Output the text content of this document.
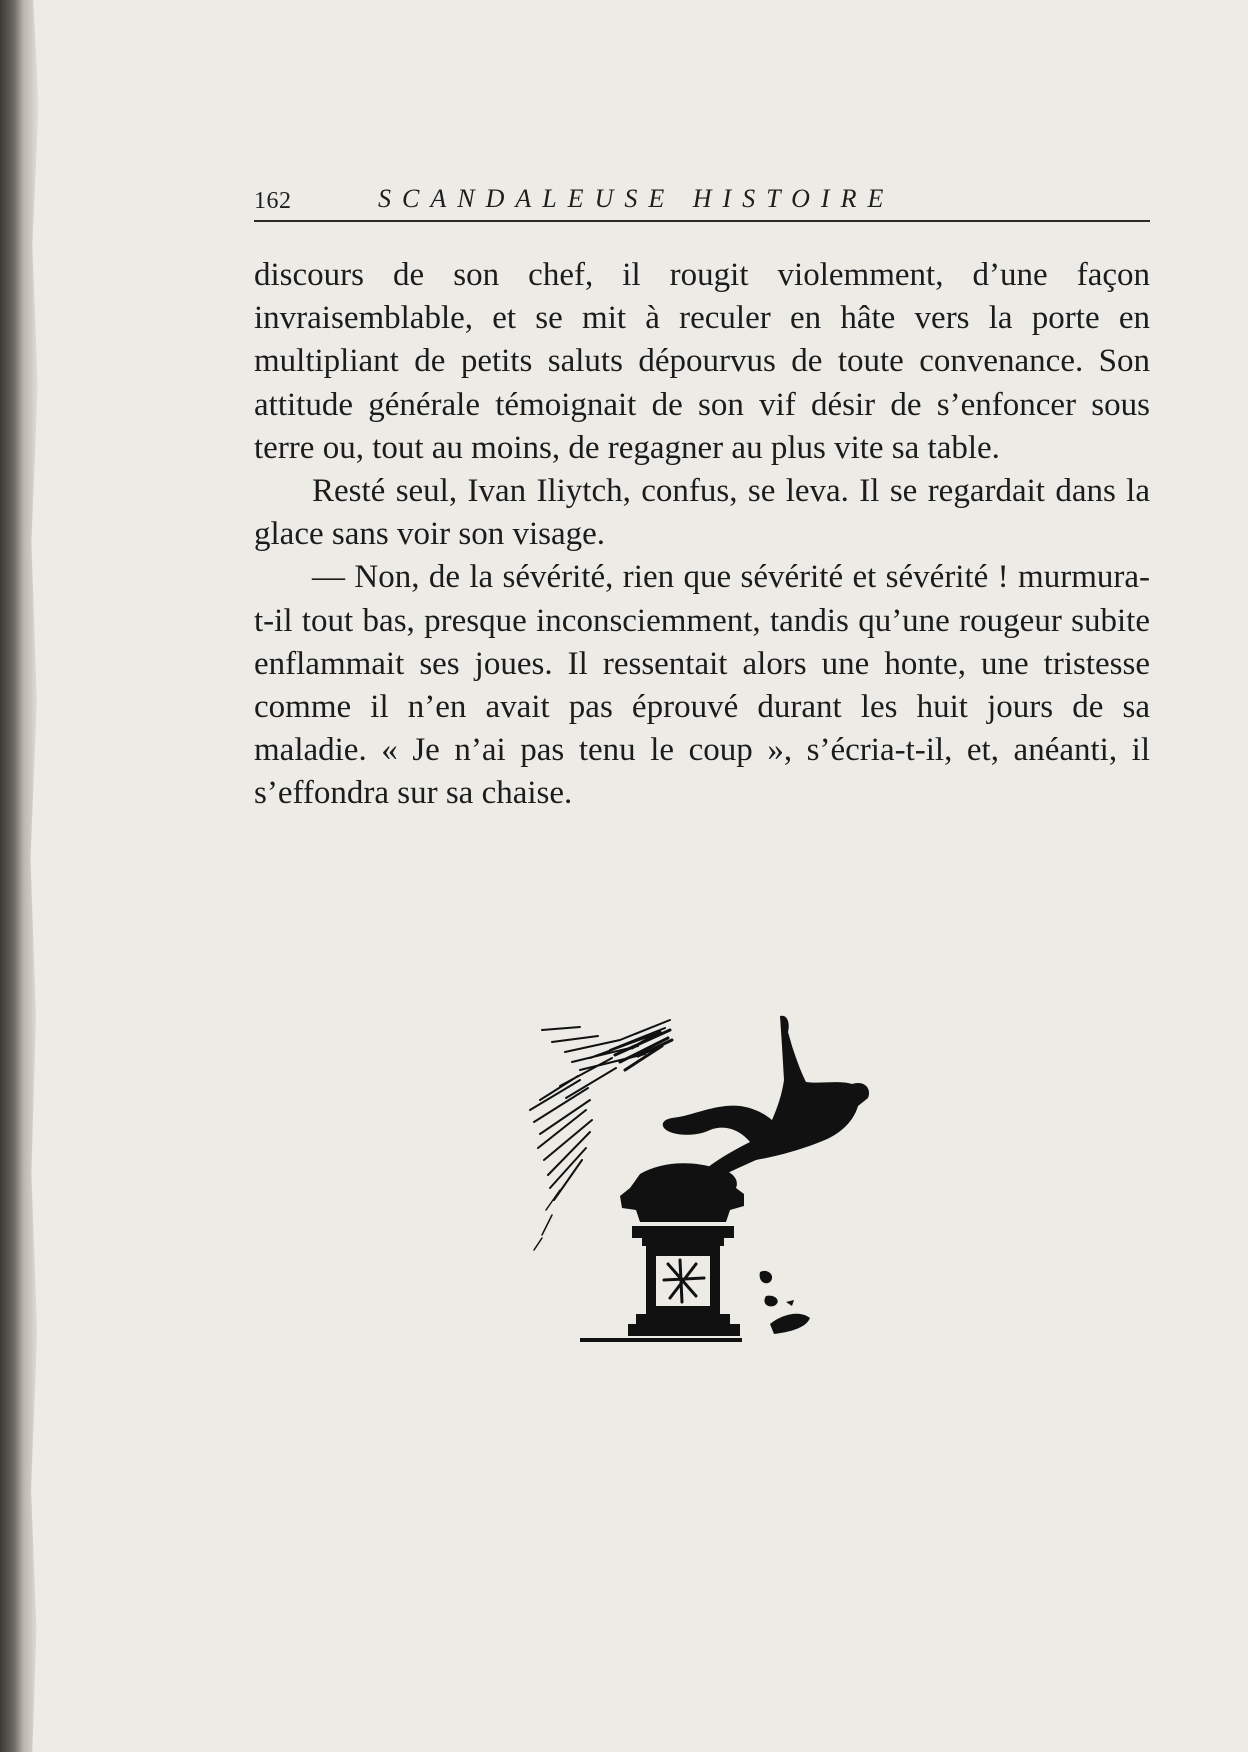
162	SCANDALEUSE HISTOIRE

discours de son chef, il rougit violemment, d’une façon invraisemblable, et se mit à reculer en hâte vers la porte en multipliant de petits saluts dépourvus de toute convenance. Son attitude générale témoignait de son vif désir de s’enfoncer sous terre ou, tout au moins, de regagner au plus vite sa table.

Resté seul, Ivan Iliytch, confus, se leva. Il se regardait dans la glace sans voir son visage.

— Non, de la sévérité, rien que sévérité et sévérité ! murmura-t-il tout bas, presque inconsciemment, tandis qu’une rougeur subite enflammait ses joues. Il ressentait alors une honte, une tristesse comme il n’en avait pas éprouvé durant les huit jours de sa maladie. « Je n’ai pas tenu le coup », s’écria-t-il, et, anéanti, il s’effondra sur sa chaise.
